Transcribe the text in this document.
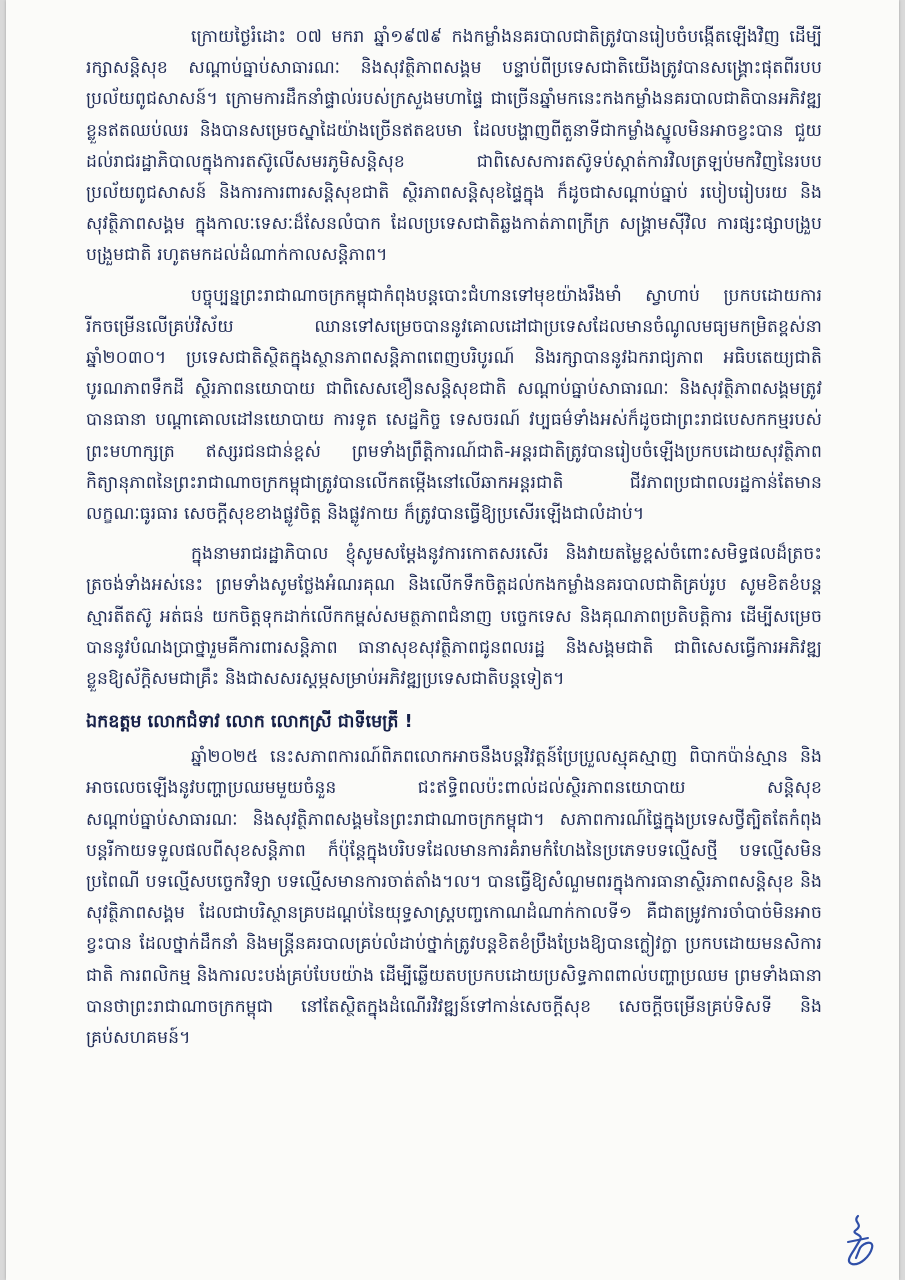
ក្រោយថ្ងៃរំដោះ ០៧ មករា ឆ្នាំ១៩៧៩ កងកម្លាំងនគរបាលជាតិត្រូវបានរៀបចំបង្កើតឡើងវិញ ដើម្បីរក្សាសន្តិសុខ សណ្តាប់ធ្នាប់សាធារណៈ និងសុវត្ថិភាពសង្គម បន្ទាប់ពីប្រទេសជាតិយើងត្រូវបានសង្គ្រោះផុតពីរបបប្រល័យពូជសាសន៍។ ក្រោមការដឹកនាំផ្ទាល់របស់ក្រសួងមហាផ្ទៃ ជាច្រើនឆ្នាំមកនេះកងកម្លាំងនគរបាលជាតិបានអភិវឌ្ឍខ្លួនឥតឈប់ឈរ និងបានសម្រេចស្នាដៃយ៉ាងច្រើនឥតឧបមា ដែលបង្ហាញពីតួនាទីជាកម្លាំងស្នូលមិនអាចខ្វះបាន ជួយដល់រាជរដ្ឋាភិបាលក្នុងការតស៊ូលើសមរភូមិសន្តិសុខ ជាពិសេសការតស៊ូទប់ស្កាត់ការវិលត្រឡប់មកវិញនៃរបបប្រល័យពូជសាសន៍ និងការការពារសន្តិសុខជាតិ ស្ថិរភាពសន្តិសុខផ្ទៃក្នុង ក៏ដូចជាសណ្តាប់ធ្នាប់ របៀបរៀបរយ និងសុវត្ថិភាពសង្គម ក្នុងកាលៈទេសៈដ៏សែនលំបាក ដែលប្រទេសជាតិឆ្លងកាត់ភាពក្រីក្រ សង្គ្រាមស៊ីវិល ការផ្សះផ្សាបង្រួបបង្រួមជាតិ រហូតមកដល់ដំណាក់កាលសន្តិភាព។

បច្ចុប្បន្នព្រះរាជាណាចក្រកម្ពុជាកំពុងបន្តបោះជំហានទៅមុខយ៉ាងរឹងមាំ ស្វាហាប់ ប្រកបដោយការរីកចម្រើនលើគ្រប់វិស័យ ឈានទៅសម្រេចបាននូវគោលដៅជាប្រទេសដែលមានចំណូលមធ្យមកម្រិតខ្ពស់នាឆ្នាំ២០៣០។ ប្រទេសជាតិស្ថិតក្នុងស្ថានភាពសន្តិភាពពេញបរិបូរណ៍ និងរក្សាបាននូវឯករាជ្យភាព អធិបតេយ្យជាតិ បូរណភាពទឹកដី ស្ថិរភាពនយោបាយ ជាពិសេសខឿនសន្តិសុខជាតិ សណ្តាប់ធ្នាប់សាធារណៈ និងសុវត្ថិភាពសង្គមត្រូវបានធានា បណ្តាគោលដៅនយោបាយ ការទូត សេដ្ឋកិច្ច ទេសចរណ៍ វប្បធម៌ទាំងអស់ក៏ដូចជាព្រះរាជបេសកកម្មរបស់ព្រះមហាក្សត្រ ឥស្សរជនជាន់ខ្ពស់ ព្រមទាំងព្រឹត្តិការណ៍ជាតិ-អន្តរជាតិត្រូវបានរៀបចំឡើងប្រកបដោយសុវត្ថិភាព កិត្យានុភាពនៃព្រះរាជាណាចក្រកម្ពុជាត្រូវបានលើកតម្កើងនៅលើឆាកអន្តរជាតិ ជីវភាពប្រជាពលរដ្ឋកាន់តែមានលក្ខណៈធូរធារ សេចក្តីសុខខាងផ្លូវចិត្ត និងផ្លូវកាយ ក៏ត្រូវបានធ្វើឱ្យប្រសើរឡើងជាលំដាប់។

ក្នុងនាមរាជរដ្ឋាភិបាល ខ្ញុំសូមសម្តែងនូវការកោតសរសើរ និងវាយតម្លៃខ្ពស់ចំពោះសមិទ្ធផលដ៏ត្រចះត្រចង់ទាំងអស់នេះ ព្រមទាំងសូមថ្លែងអំណរគុណ និងលើកទឹកចិត្តដល់កងកម្លាំងនគរបាលជាតិគ្រប់រូប សូមខិតខំបន្តស្មារតីតស៊ូ អត់ធន់ យកចិត្តទុកដាក់លើកកម្ពស់សមត្ថភាពជំនាញ បច្ចេកទេស និងគុណភាពប្រតិបត្តិការ ដើម្បីសម្រេចបាននូវបំណងប្រាថ្នារួមគឺការពារសន្តិភាព ធានាសុខសុវត្ថិភាពជូនពលរដ្ឋ និងសង្គមជាតិ ជាពិសេសធ្វើការអភិវឌ្ឍខ្លួនឱ្យស័ក្តិសមជាគ្រឹះ និងជាសសរស្តម្ភសម្រាប់អភិវឌ្ឍប្រទេសជាតិបន្តទៀត។

ឯកឧត្តម លោកជំទាវ លោក លោកស្រី ជាទីមេត្រី !

ឆ្នាំ២០២៥ នេះសភាពការណ៍ពិភពលោកអាចនឹងបន្តវិវត្តន៍ប្រែប្រួលស្មុគស្មាញ ពិបាកប៉ាន់ស្មាន និងអាចលេចឡើងនូវបញ្ហាប្រឈមមួយចំនួន ជះឥទ្ធិពលប៉ះពាល់ដល់ស្ថិរភាពនយោបាយ សន្តិសុខ សណ្តាប់ធ្នាប់សាធារណៈ និងសុវត្ថិភាពសង្គមនៃព្រះរាជាណាចក្រកម្ពុជា។ សភាពការណ៍ផ្ទៃក្នុងប្រទេសថ្វីត្បិតតែកំពុងបន្តរីកាយទទួលផលពីសុខសន្តិភាព ក៏ប៉ុន្តែក្នុងបរិបទដែលមានការគំរាមកំហែងនៃប្រភេទបទល្មើសថ្មី បទល្មើសមិនប្រពៃណី បទល្មើសបច្ចេកវិទ្យា បទល្មើសមានការចាត់តាំង។ល។ បានធ្វើឱ្យសំណួមពរក្នុងការធានាស្ថិរភាពសន្តិសុខ និងសុវត្ថិភាពសង្គម ដែលជាបរិស្ថានគ្របដណ្តប់នៃយុទ្ធសាស្ត្របញ្ចកោណដំណាក់កាលទី១ គឺជាតម្រូវការចាំបាច់មិនអាចខ្វះបាន ដែលថ្នាក់ដឹកនាំ និងមន្ត្រីនគរបាលគ្រប់លំដាប់ថ្នាក់ត្រូវបន្តខិតខំប្រឹងប្រែងឱ្យបានក្លៀវក្លា ប្រកបដោយមនសិការជាតិ ការពលិកម្ម និងការលះបង់គ្រប់បែបយ៉ាង ដើម្បីឆ្លើយតបប្រកបដោយប្រសិទ្ធភាពពាល់បញ្ហាប្រឈម ព្រមទាំងធានាបានថាព្រះរាជាណាចក្រកម្ពុជា នៅតែស្ថិតក្នុងដំណើរវិវឌ្ឍន៍ទៅកាន់សេចក្តីសុខ សេចក្តីចម្រើនគ្រប់ទិសទី និងគ្រប់សហគមន៍។
